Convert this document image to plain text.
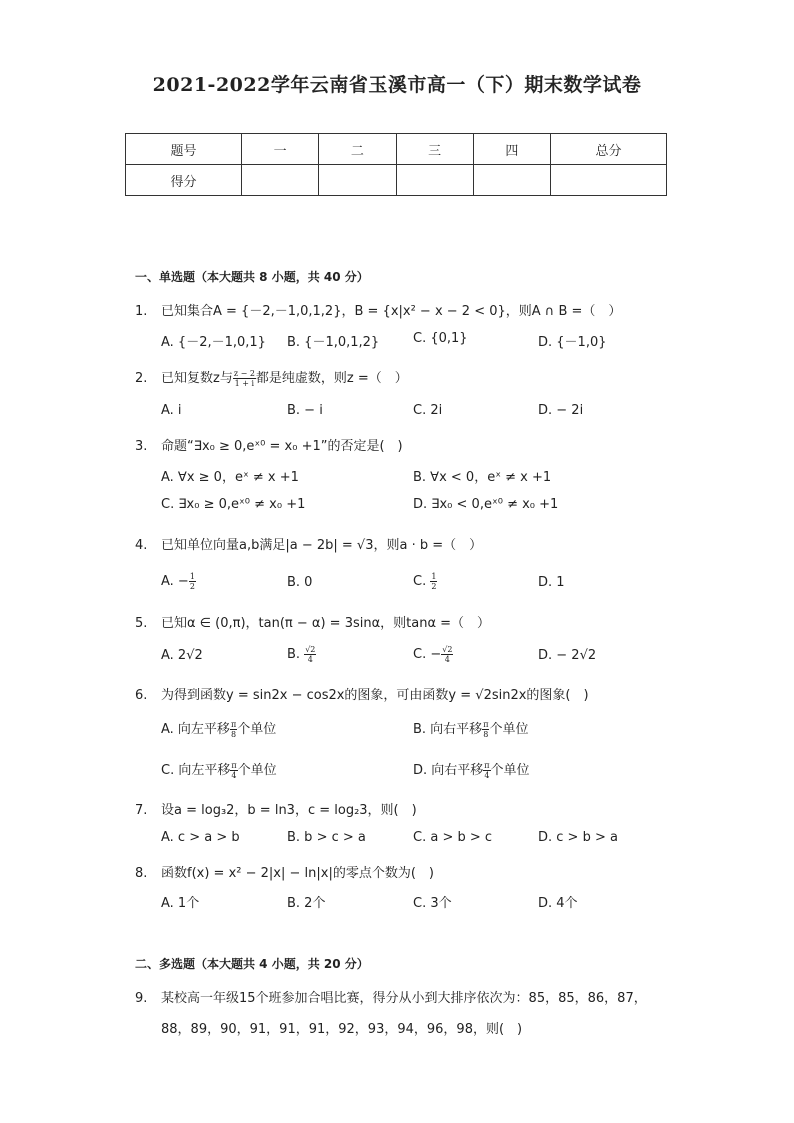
2021-2022学年云南省玉溪市高一（下）期末数学试卷
题号	一	二	三	四	总分
得分					
一、单选题（本大题共 8 小题，共 40 分）
1. 已知集合A = {－2,－1,0,1,2}，B = {x|x² − x − 2 < 0}，则A ∩ B =（　）
A. {－2,－1,0,1} B. {－1,0,1,2}	C. {0,1}	D. {－1,0}
2. 已知复数z与 $\frac{z - 2}{1 + i}$ 都是纯虚数，则z =（　）
A. i	B. − i	C. 2i	D. − 2i
3. 命题“∃x₀ ≥ 0,eˣ⁰ = x₀ +1”的否定是(　)
A. ∀x ≥ 0，eˣ ≠ x +1	B. ∀x < 0，eˣ ≠ x +1
C. ∃x₀ ≥ 0,eˣ⁰ ≠ x₀ +1	D. ∃x₀ < 0,eˣ⁰ ≠ x₀ +1
4. 已知单位向量a,b满足|a − 2b| = √3，则a · b =（　）
A. − $\frac{1}{2}$	B. 0	C. $\frac{1}{2}$	D. 1
5. 已知α ∈ (0,π)，tan(π − α) = 3sinα，则tanα =（　）
A. 2√2	B. $\frac{√2}{4}$	C. − $\frac{√2}{4}$	D. − 2√2
6. 为得到函数y = sin2x − cos2x的图象，可由函数y = √2sin2x的图象(　)
A. 向左平移 $\frac{\pi}{8}$ 个单位	B. 向右平移 $\frac{\pi}{8}$ 个单位
C. 向左平移 $\frac{\pi}{4}$ 个单位	D. 向右平移 $\frac{\pi}{4}$ 个单位
7. 设a = log₃2，b = ln3，c = log₂3，则(　)
A. c > a > b	B. b > c > a	C. a > b > c	D. c > b > a
8. 函数f(x) = x² − 2|x| − ln|x|的零点个数为(　)
A. 1个	B. 2个	C. 3个	D. 4个
二、多选题（本大题共 4 小题，共 20 分）
9. 某校高一年级15个班参加合唱比赛，得分从小到大排序依次为：85，85，86，87，
88，89，90，91，91，91，92，93，94，96，98，则(　)
